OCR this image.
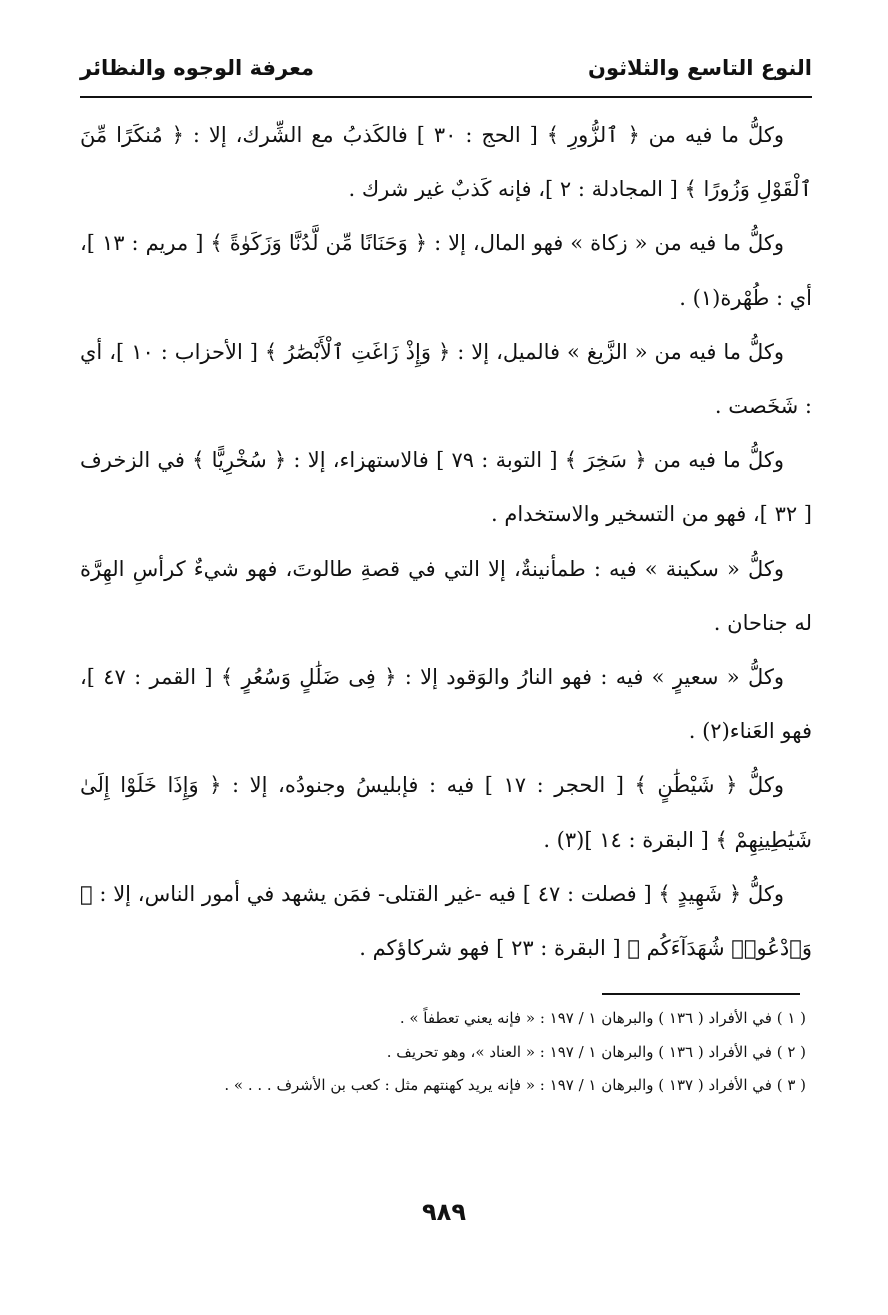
النوع التاسع والثلاثون
معرفة الوجوه والنظائر

وكلُّ ما فيه من ﴿ ٱلزُّورِ ﴾ [ الحج : ٣٠ ] فالكَذبُ مع الشِّرك، إلا : ﴿ مُنكَرًا مِّنَ ٱلْقَوْلِ وَزُورًا ﴾ [ المجادلة : ٢ ]، فإنه كَذبٌ غير شرك .

وكلُّ ما فيه من « زكاة » فهو المال، إلا : ﴿ وَحَنَانًا مِّن لَّدُنَّا وَزَكَوٰةً ﴾ [ مريم : ١٣ ]، أي : طُهْرة(١) .

وكلُّ ما فيه من « الزَّيغ » فالميل، إلا : ﴿ وَإِذْ زَاغَتِ ٱلْأَبْصَٰرُ ﴾ [ الأحزاب : ١٠ ]، أي : شَخَصت .

وكلُّ ما فيه من ﴿ سَخِرَ ﴾ [ التوبة : ٧٩ ] فالاستهزاء، إلا : ﴿ سُخْرِيًّا ﴾ في الزخرف [ ٣٢ ]، فهو من التسخير والاستخدام .

وكلُّ « سكينة » فيه : طمأنينةٌ، إلا التي في قصةِ طالوتَ، فهو شيءٌ كرأسِ الهِرَّة له جناحان .

وكلُّ « سعيرٍ » فيه : فهو النارُ والوَقود إلا : ﴿ فِى ضَلَٰلٍ وَسُعُرٍ ﴾ [ القمر : ٤٧ ]، فهو العَناء(٢) .

وكلُّ ﴿ شَيْطَٰنٍ ﴾ [ الحجر : ١٧ ] فيه : فإبليسُ وجنودُه، إلا : ﴿ وَإِذَا خَلَوْا إِلَىٰ شَيَٰطِينِهِمْ ﴾ [ البقرة : ١٤ ](٣) .

وكلُّ ﴿ شَهِيدٍ ﴾ [ فصلت : ٤٧ ] فيه -غير القتلى- فمَن يشهد في أمور الناس، إلا : ﴿ وَٱدْعُوا۟ شُهَدَآءَكُم ﴾ [ البقرة : ٢٣ ] فهو شركاؤكم .

( ١ ) في الأفراد ( ١٣٦ ) والبرهان ١ / ١٩٧ : « فإنه يعني تعطفاً » .

( ٢ ) في الأفراد ( ١٣٦ ) والبرهان ١ / ١٩٧ : « العناد »، وهو تحريف .

( ٣ ) في الأفراد ( ١٣٧ ) والبرهان ١ / ١٩٧ : « فإنه يريد كهنتهم مثل : كعب بن الأشرف . . . » .

٩٨٩
